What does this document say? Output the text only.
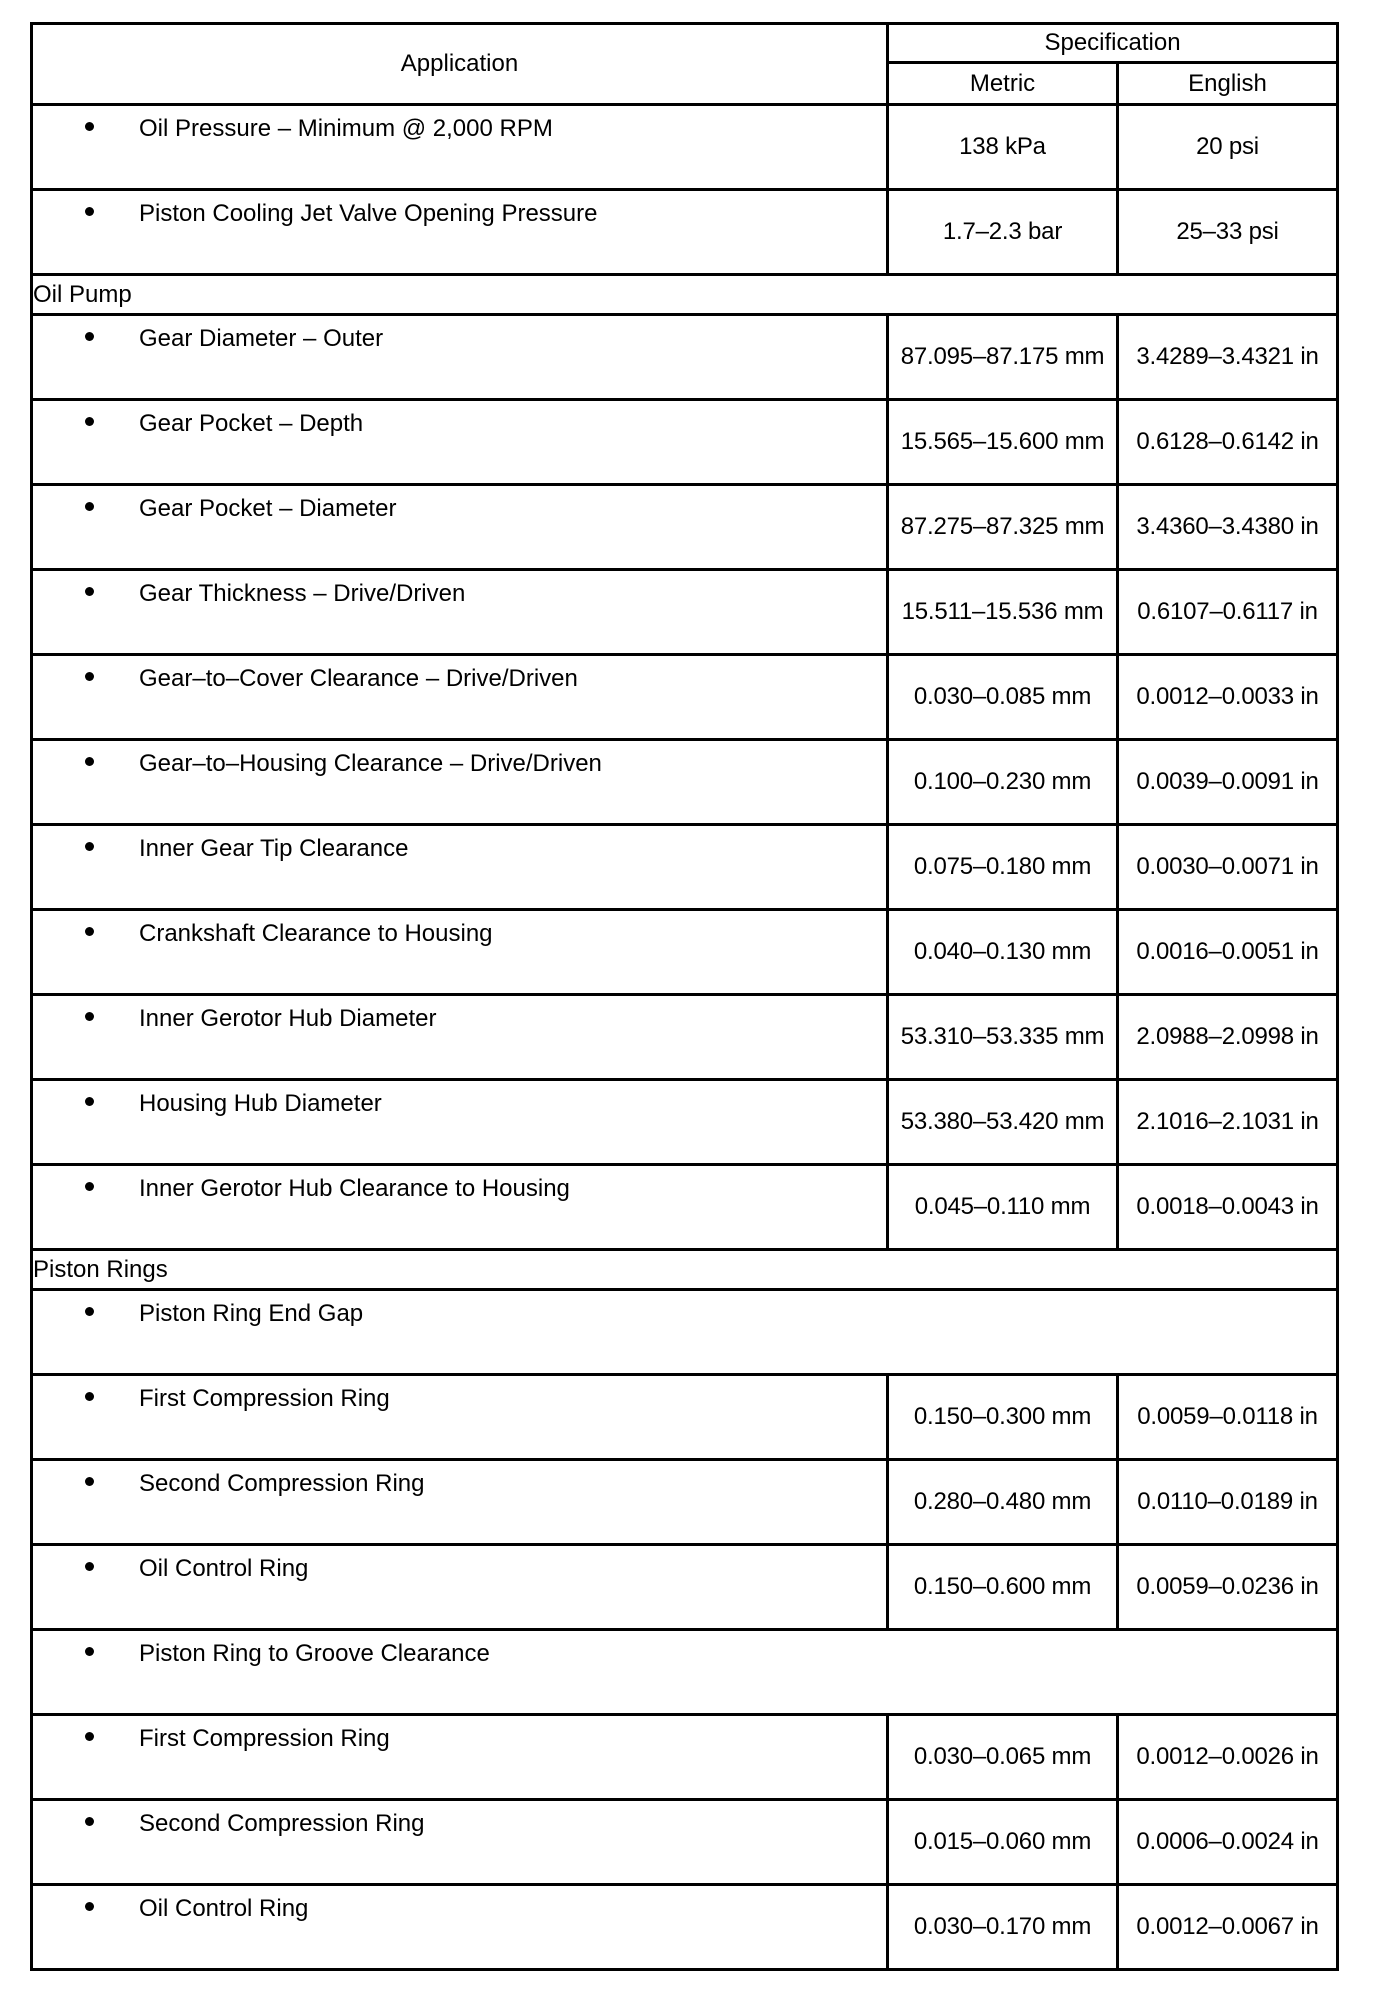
Application	Specification	
	Metric	English

Oil Pressure – Minimum @ 2,000 RPM	138 kPa	20 psi

Piston Cooling Jet Valve Opening Pressure	1.7–2.3 bar	25–33 psi
Oil Pump		

Gear Diameter – Outer	87.095–87.175 mm	3.4289–3.4321 in

Gear Pocket – Depth	15.565–15.600 mm	0.6128–0.6142 in

Gear Pocket – Diameter	87.275–87.325 mm	3.4360–3.4380 in

Gear Thickness – Drive/Driven	15.511–15.536 mm	0.6107–0.6117 in

Gear–to–Cover Clearance – Drive/Driven	0.030–0.085 mm	0.0012–0.0033 in

Gear–to–Housing Clearance – Drive/Driven	0.100–0.230 mm	0.0039–0.0091 in

Inner Gear Tip Clearance	0.075–0.180 mm	0.0030–0.0071 in

Crankshaft Clearance to Housing	0.040–0.130 mm	0.0016–0.0051 in

Inner Gerotor Hub Diameter	53.310–53.335 mm	2.0988–2.0998 in

Housing Hub Diameter	53.380–53.420 mm	2.1016–2.1031 in

Inner Gerotor Hub Clearance to Housing	0.045–0.110 mm	0.0018–0.0043 in
Piston Rings		

Piston Ring End Gap		

First Compression Ring	0.150–0.300 mm	0.0059–0.0118 in

Second Compression Ring	0.280–0.480 mm	0.0110–0.0189 in

Oil Control Ring	0.150–0.600 mm	0.0059–0.0236 in

Piston Ring to Groove Clearance		

First Compression Ring	0.030–0.065 mm	0.0012–0.0026 in

Second Compression Ring	0.015–0.060 mm	0.0006–0.0024 in

Oil Control Ring	0.030–0.170 mm	0.0012–0.0067 in
